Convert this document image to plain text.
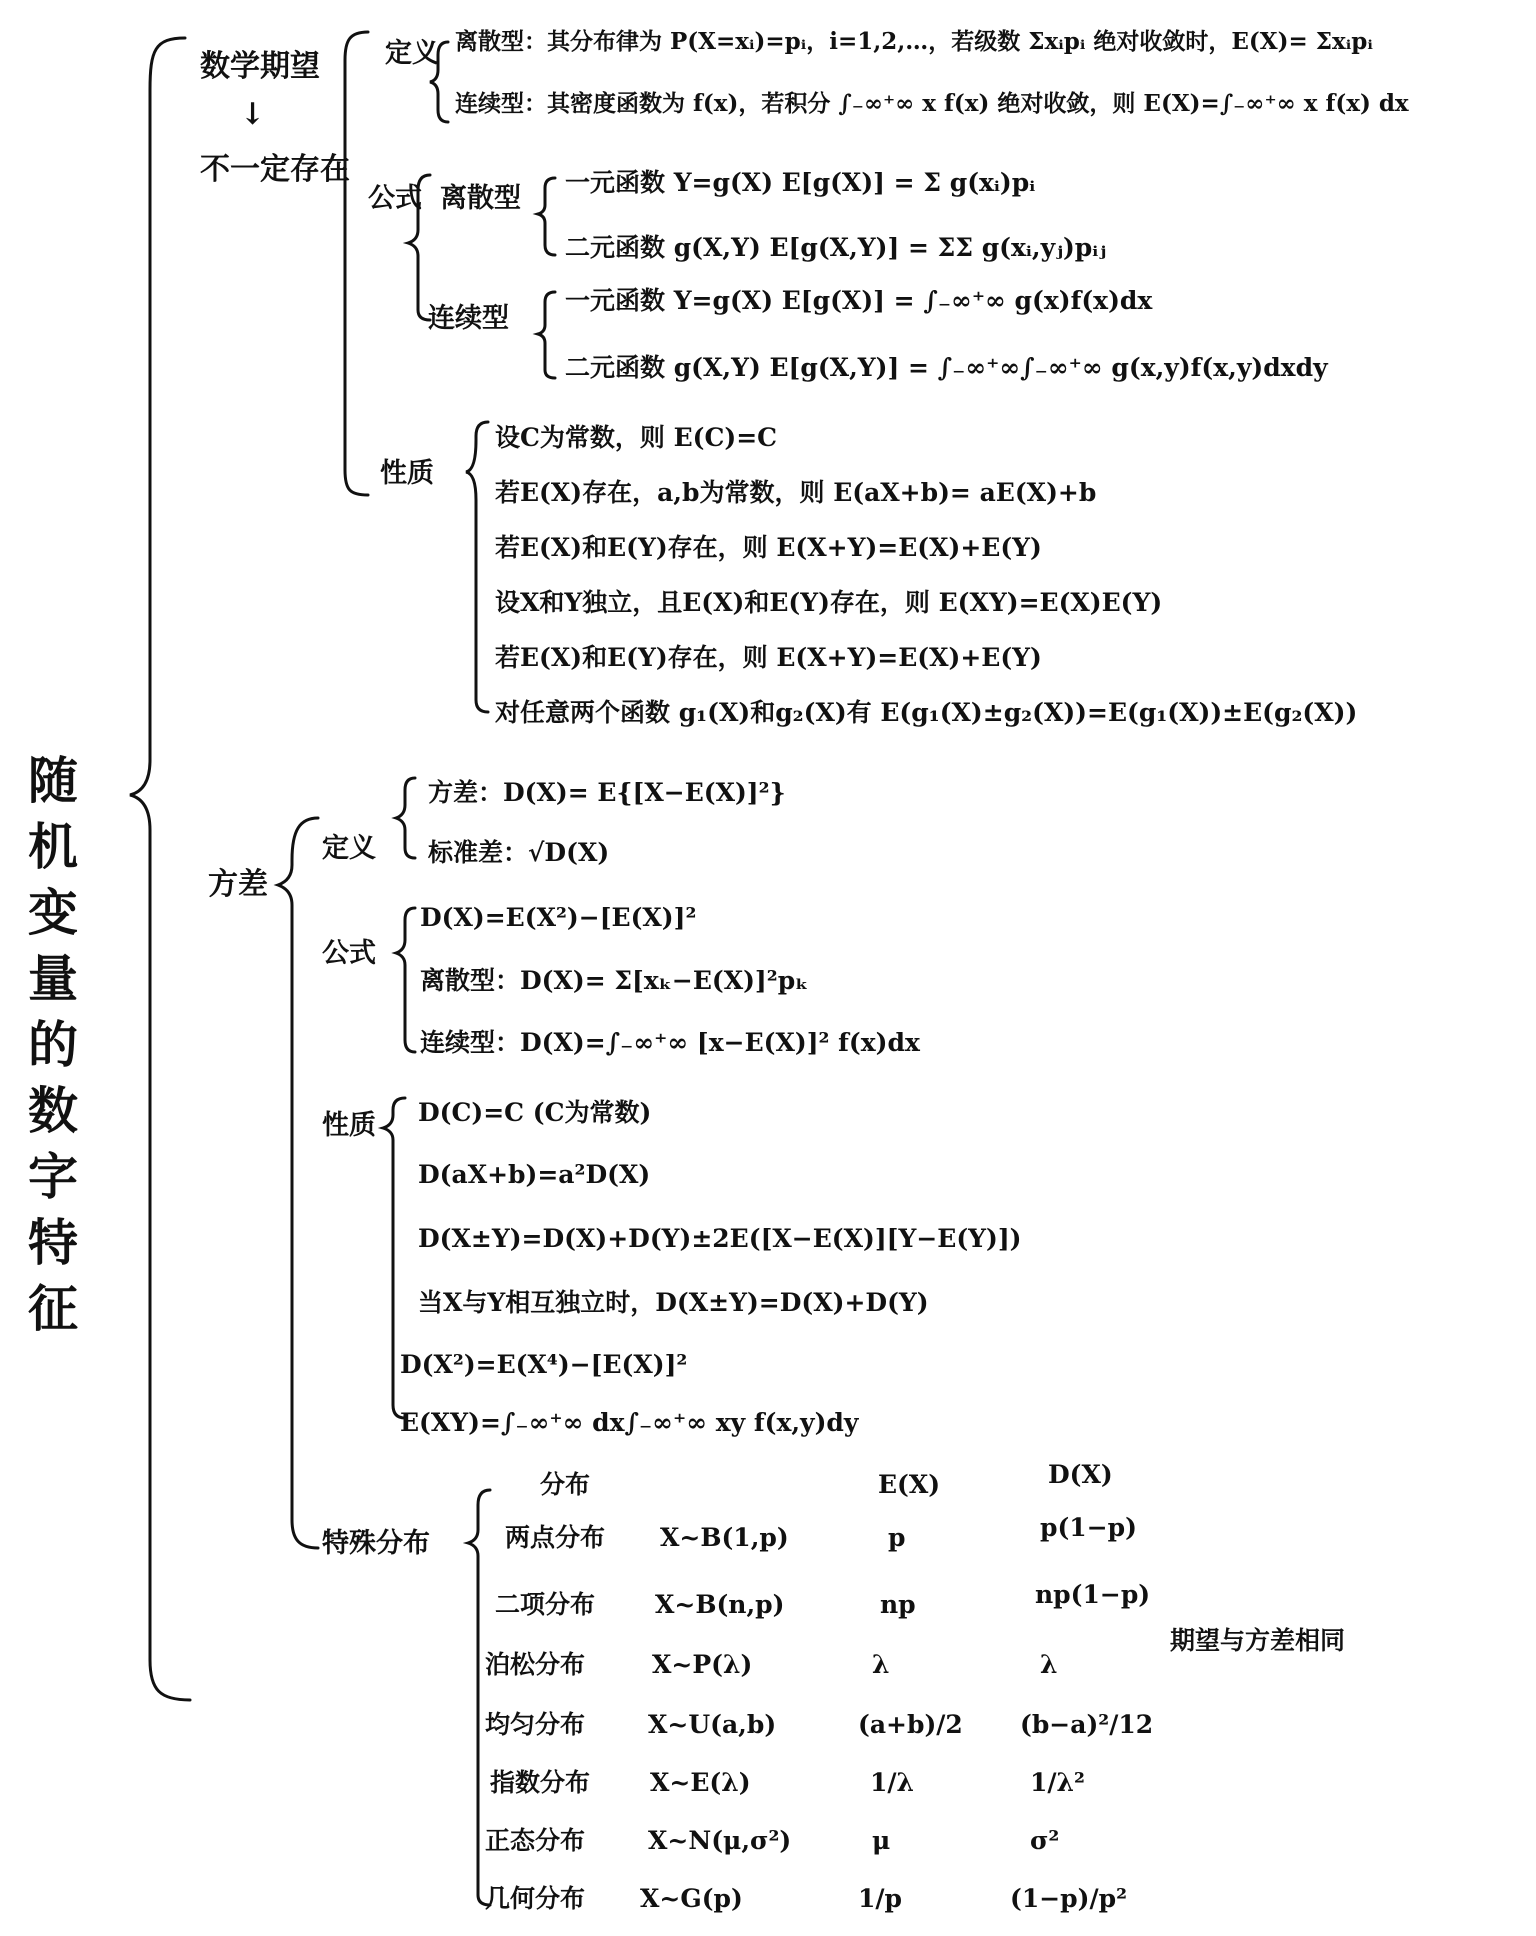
随机变量的数字特征
数学期望
↓
不一定存在
定义 离散型：其分布律为 P(X=xᵢ)=pᵢ，i=1,2,…，若级数 Σxᵢpᵢ 绝对收敛时，E(X)= Σxᵢpᵢ
连续型：其密度函数为 f(x)，若积分 ∫₋∞⁺∞ x f(x) 绝对收敛，则 E(X)=∫₋∞⁺∞ x f(x) dx
公式 离散型
一元函数 Y=g(X) E[g(X)] = Σ g(xᵢ)pᵢ
二元函数 g(X,Y) E[g(X,Y)] = ΣΣ g(xᵢ,yⱼ)pᵢⱼ
连续型
一元函数 Y=g(X) E[g(X)] = ∫₋∞⁺∞ g(x)f(x)dx
二元函数 g(X,Y) E[g(X,Y)] = ∫₋∞⁺∞∫₋∞⁺∞ g(x,y)f(x,y)dxdy
性质
设C为常数，则 E(C)=C
若E(X)存在，a,b为常数，则 E(aX+b)= aE(X)+b
若E(X)和E(Y)存在，则 E(X+Y)=E(X)+E(Y)
设X和Y独立，且E(X)和E(Y)存在，则 E(XY)=E(X)E(Y)
若E(X)和E(Y)存在，则 E(X+Y)=E(X)+E(Y)
对任意两个函数 g₁(X)和g₂(X)有 E(g₁(X)±g₂(X))=E(g₁(X))±E(g₂(X))
方差
定义
方差：D(X)= E{[X−E(X)]²}
标准差：√D(X)
公式
D(X)=E(X²)−[E(X)]²
离散型：D(X)= Σ[xₖ−E(X)]²pₖ
连续型：D(X)=∫₋∞⁺∞ [x−E(X)]² f(x)dx
性质 D(C)=C (C为常数)
D(aX+b)=a²D(X)
D(X±Y)=D(X)+D(Y)±2E([X−E(X)][Y−E(Y)])
当X与Y相互独立时，D(X±Y)=D(X)+D(Y)
D(X²)=E(X⁴)−[E(X)]²
E(XY)=∫₋∞⁺∞ dx∫₋∞⁺∞ xy f(x,y)dy
特殊分布
分布	E(X)	D(X)
两点分布 X~B(1,p)	p	p(1−p)
二项分布 X~B(n,p)	np	np(1−p)
泊松分布	X~P(λ)	λ	λ
均匀分布	X~U(a,b)	(a+b)/2 (b−a)²/12
指数分布 X~E(λ)	1/λ	1/λ²
正态分布	X~N(μ,σ²)	μ	σ²
几何分布 X~G(p)	1/p	(1−p)/p²
期望与方差相同
